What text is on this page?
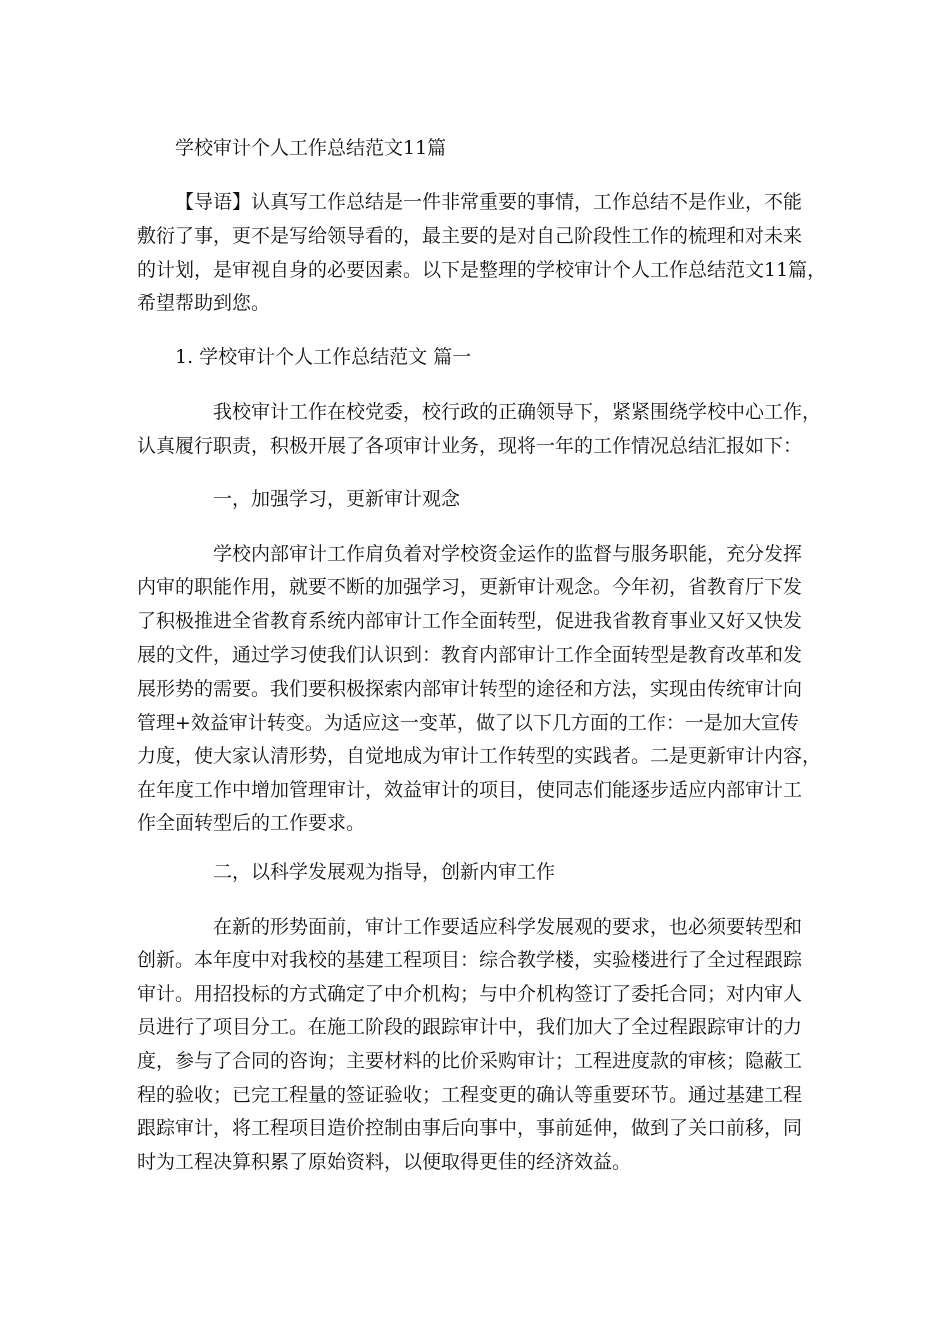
学校审计个人工作总结范文11篇
【导语】认真写工作总结是一件非常重要的事情，工作总结不是作业，不能
敷衍了事，更不是写给领导看的，最主要的是对自己阶段性工作的梳理和对未来
的计划，是审视自身的必要因素。以下是整理的学校审计个人工作总结范文11篇，
希望帮助到您。
1. 学校审计个人工作总结范文 篇一
我校审计工作在校党委，校行政的正确领导下，紧紧围绕学校中心工作，
认真履行职责，积极开展了各项审计业务，现将一年的工作情况总结汇报如下：
一，加强学习，更新审计观念
学校内部审计工作肩负着对学校资金运作的监督与服务职能，充分发挥
内审的职能作用，就要不断的加强学习，更新审计观念。今年初，省教育厅下发
了积极推进全省教育系统内部审计工作全面转型，促进我省教育事业又好又快发
展的文件，通过学习使我们认识到：教育内部审计工作全面转型是教育改革和发
展形势的需要。我们要积极探索内部审计转型的途径和方法，实现由传统审计向
管理+效益审计转变。为适应这一变革，做了以下几方面的工作：一是加大宣传
力度，使大家认清形势，自觉地成为审计工作转型的实践者。二是更新审计内容，
在年度工作中增加管理审计，效益审计的项目，使同志们能逐步适应内部审计工
作全面转型后的工作要求。
二，以科学发展观为指导，创新内审工作
在新的形势面前，审计工作要适应科学发展观的要求，也必须要转型和
创新。本年度中对我校的基建工程项目：综合教学楼，实验楼进行了全过程跟踪
审计。用招投标的方式确定了中介机构；与中介机构签订了委托合同；对内审人
员进行了项目分工。在施工阶段的跟踪审计中，我们加大了全过程跟踪审计的力
度，参与了合同的咨询；主要材料的比价采购审计；工程进度款的审核；隐蔽工
程的验收；已完工程量的签证验收；工程变更的确认等重要环节。通过基建工程
跟踪审计，将工程项目造价控制由事后向事中，事前延伸，做到了关口前移，同
时为工程决算积累了原始资料，以便取得更佳的经济效益。
